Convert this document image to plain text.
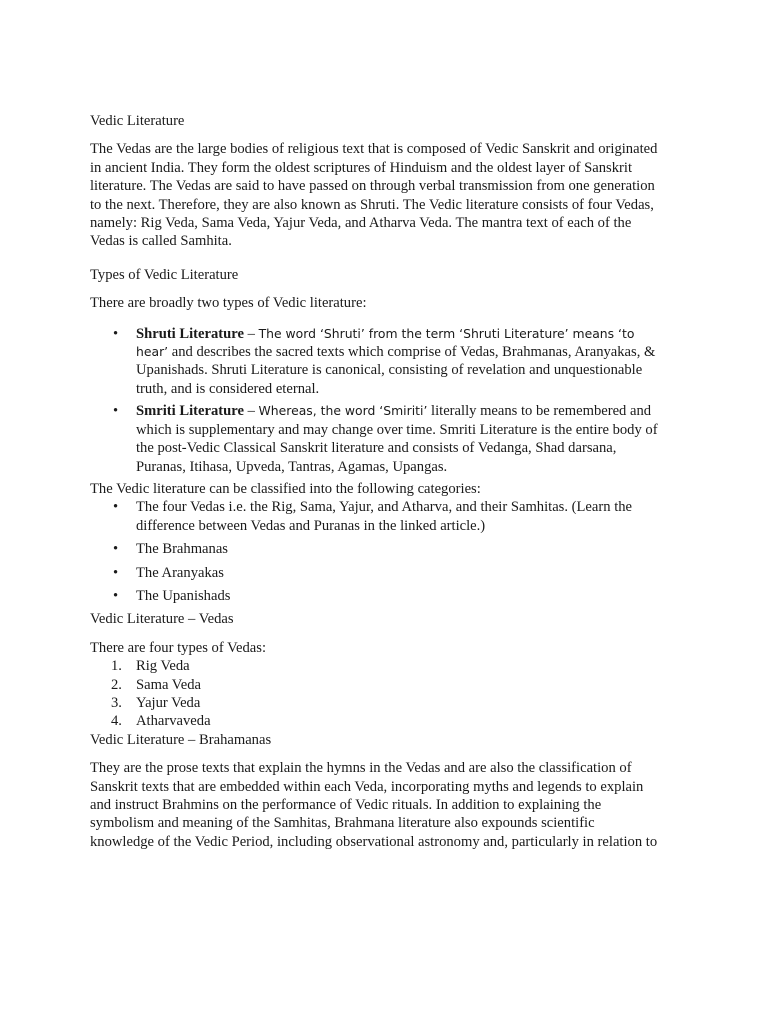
Vedic Literature

The Vedas are the large bodies of religious text that is composed of Vedic Sanskrit and originated in ancient India. They form the oldest scriptures of Hinduism and the oldest layer of Sanskrit literature. The Vedas are said to have passed on through verbal transmission from one generation to the next. Therefore, they are also known as Shruti. The Vedic literature consists of four Vedas, namely: Rig Veda, Sama Veda, Yajur Veda, and Atharva Veda. The mantra text of each of the Vedas is called Samhita.

Types of Vedic Literature

There are broadly two types of Vedic literature:

• Shruti Literature – The word ‘Shruti’ from the term ‘Shruti Literature’ means ‘to hear’ and describes the sacred texts which comprise of Vedas, Brahmanas, Aranyakas, & Upanishads. Shruti Literature is canonical, consisting of revelation and unquestionable truth, and is considered eternal.
• Smriti Literature – Whereas, the word ‘Smiriti’ literally means to be remembered and which is supplementary and may change over time. Smriti Literature is the entire body of the post-Vedic Classical Sanskrit literature and consists of Vedanga, Shad darsana, Puranas, Itihasa, Upveda, Tantras, Agamas, Upangas.

The Vedic literature can be classified into the following categories:

• The four Vedas i.e. the Rig, Sama, Yajur, and Atharva, and their Samhitas. (Learn the difference between Vedas and Puranas in the linked article.)
• The Brahmanas
• The Aranyakas
• The Upanishads

Vedic Literature – Vedas

There are four types of Vedas:

1. Rig Veda
2. Sama Veda
3. Yajur Veda
4. Atharvaveda

Vedic Literature – Brahamanas

They are the prose texts that explain the hymns in the Vedas and are also the classification of Sanskrit texts that are embedded within each Veda, incorporating myths and legends to explain and instruct Brahmins on the performance of Vedic rituals. In addition to explaining the symbolism and meaning of the Samhitas, Brahmana literature also expounds scientific knowledge of the Vedic Period, including observational astronomy and, particularly in relation to
